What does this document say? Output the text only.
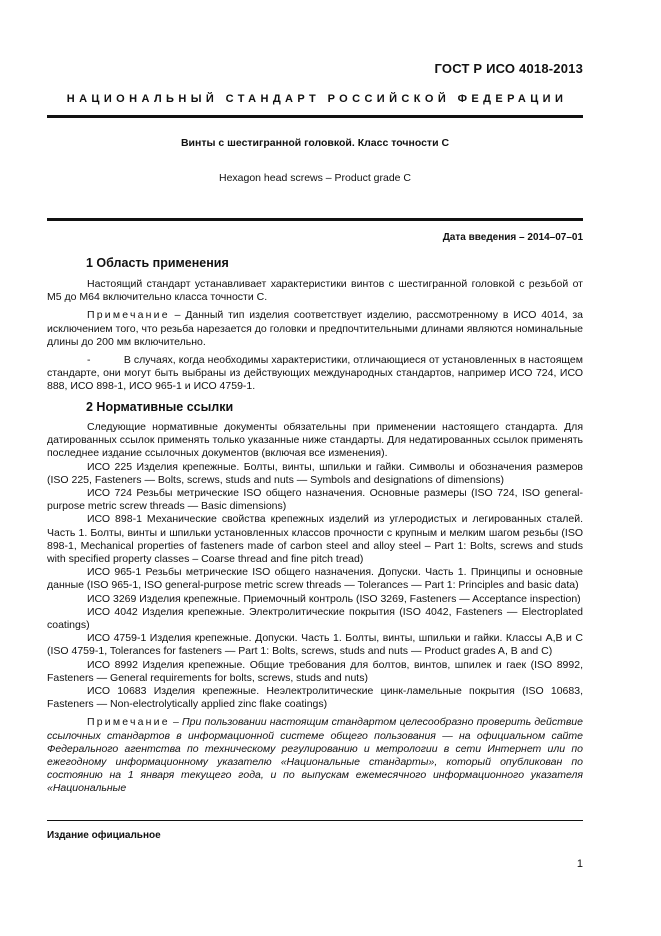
ГОСТ Р ИСО 4018-2013
НАЦИОНАЛЬНЫЙ СТАНДАРТ РОССИЙСКОЙ ФЕДЕРАЦИИ
Винты с шестигранной головкой. Класс точности С
Hexagon head screws – Product grade С
Дата введения – 2014–07–01
1 Область применения

Настоящий стандарт устанавливает характеристики винтов с шестигранной головкой с резьбой от М5 до М64 включительно класса точности С.

Примечание – Данный тип изделия соответствует изделию, рассмотренному в ИСО 4014, за исключением того, что резьба нарезается до головки и предпочтительными длинами являются номинальные длины до 200 мм включительно.

-	В случаях, когда необходимы характеристики, отличающиеся от установленных в настоящем стандарте, они могут быть выбраны из действующих международных стандартов, например ИСО 724, ИСО 888, ИСО 898-1, ИСО 965-1 и ИСО 4759-1.

2 Нормативные ссылки

Следующие нормативные документы обязательны при применении настоящего стандарта. Для датированных ссылок применять только указанные ниже стандарты. Для недатированных ссылок применять последнее издание ссылочных документов (включая все изменения).

ИСО 225 Изделия крепежные. Болты, винты, шпильки и гайки. Символы и обозначения размеров (ISO 225, Fasteners — Bolts, screws, studs and nuts — Symbols and designations of dimensions)

ИСО 724 Резьбы метрические ISO общего назначения. Основные размеры (ISO 724, ISO general-purpose metric screw threads — Basic dimensions)

ИСО 898-1 Механические свойства крепежных изделий из углеродистых и легированных сталей. Часть 1. Болты, винты и шпильки установленных классов прочности с крупным и мелким шагом резьбы (ISO 898-1, Mechanical properties of fasteners made of carbon steel and alloy steel – Part 1: Bolts, screws and studs with specified property classes – Coarse thread and fine pitch tread)

ИСО 965-1 Резьбы метрические ISO общего назначения. Допуски. Часть 1. Принципы и основные данные (ISO 965-1, ISO general-purpose metric screw threads — Tolerances — Part 1: Principles and basic data)

ИСО 3269 Изделия крепежные. Приемочный контроль (ISO 3269, Fasteners — Acceptance inspection)

ИСО 4042 Изделия крепежные. Электролитические покрытия (ISO 4042, Fasteners — Electroplated coatings)

ИСО 4759-1 Изделия крепежные. Допуски. Часть 1. Болты, винты, шпильки и гайки. Классы A,B и С (ISO 4759-1, Tolerances for fasteners — Part 1: Bolts, screws, studs and nuts — Product grades A, B and C)

ИСО 8992 Изделия крепежные. Общие требования для болтов, винтов, шпилек и гаек (ISO 8992, Fasteners — General requirements for bolts, screws, studs and nuts)

ИСО 10683 Изделия крепежные. Неэлектролитические цинк-ламельные покрытия (ISO 10683, Fasteners — Non-electrolytically applied zinc flake coatings)

Примечание – При пользовании настоящим стандартом целесообразно проверить действие ссылочных стандартов в информационной системе общего пользования — на официальном сайте Федерального агентства по техническому регулированию и метрологии в сети Интернет или по ежегодному информационному указателю «Национальные стандарты», который опубликован по состоянию на 1 января текущего года, и по выпускам ежемесячного информационного указателя «Национальные

Издание официальное
1
